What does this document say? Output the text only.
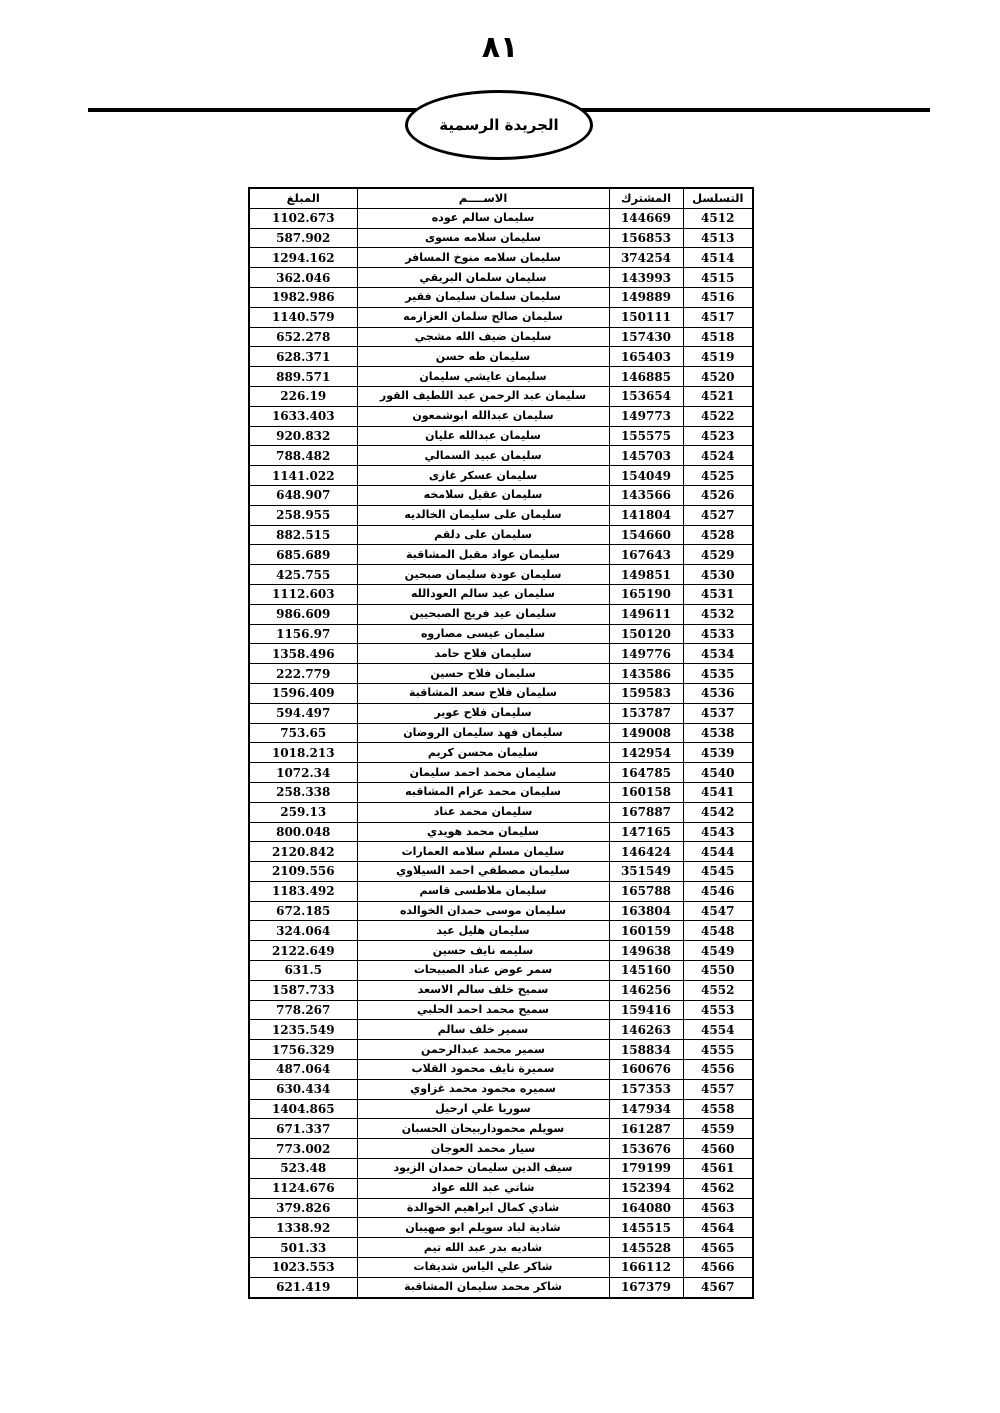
٨١
الجريدة الرسمية
التسلسل	المشترك	الاســــم	المبلغ
4512	144669	سليمان سالم عوده	1102.673
4513	156853	سليمان سلامه مسوى	587.902
4514	374254	سليمان سلامه منوخ المسافر	1294.162
4515	143993	سليمان سلمان البريقي	362.046
4516	149889	سليمان سلمان سليمان فقير	1982.986
4517	150111	سليمان صالح سلمان العزازمه	1140.579
4518	157430	سليمان ضيف الله مشجي	652.278
4519	165403	سليمان طه حسن	628.371
4520	146885	سليمان عايشي سليمان	889.571
4521	153654	سليمان عبد الرحمن عبد اللطيف القور	226.19
4522	149773	سليمان عبدالله ابوشمعون	1633.403
4523	155575	سليمان عبدالله عليان	920.832
4524	145703	سليمان عبيد السمالي	788.482
4525	154049	سليمان عسكر غازى	1141.022
4526	143566	سليمان عقيل سلامخه	648.907
4527	141804	سليمان على سليمان الخالديه	258.955
4528	154660	سليمان على دلقم	882.515
4529	167643	سليمان عواد مقبل المشاقبة	685.689
4530	149851	سليمان عودة سليمان صبحين	425.755
4531	165190	سليمان عيد سالم العودالله	1112.603
4532	149611	سليمان عيد فريج الصبحيين	986.609
4533	150120	سليمان عيسى مصاروه	1156.97
4534	149776	سليمان فلاح حامد	1358.496
4535	143586	سليمان فلاح حسين	222.779
4536	159583	سليمان فلاح سعد المشاقبة	1596.409
4537	153787	سليمان فلاح عوير	594.497
4538	149008	سليمان فهد سليمان الروضان	753.65
4539	142954	سليمان محسن كريم	1018.213
4540	164785	سليمان محمد احمد سليمان	1072.34
4541	160158	سليمان محمد عزام المشاقبه	258.338
4542	167887	سليمان محمد عناد	259.13
4543	147165	سليمان محمد هويدي	800.048
4544	146424	سليمان مسلم سلامه العمارات	2120.842
4545	351549	سليمان مصطفي احمد السيلاوي	2109.556
4546	165788	سليمان ملاطسى قاسم	1183.492
4547	163804	سليمان موسى حمدان الخوالده	672.185
4548	160159	سليمان هليل عيد	324.064
4549	149638	سليمه نايف حسين	2122.649
4550	145160	سمر عوض عناد الصبيحات	631.5
4552	146256	سميح خلف سالم الاسعد	1587.733
4553	159416	سميح محمد احمد الحلبي	778.267
4554	146263	سمير خلف سالم	1235.549
4555	158834	سمير محمد عبدالرحمن	1756.329
4556	160676	سميرة نايف محمود القلاب	487.064
4557	157353	سميره محمود محمد غزاوي	630.434
4558	147934	سوريا علي ارحيل	1404.865
4559	161287	سويلم محموداربيحان الحسبان	671.337
4560	153676	سيار محمد العوجان	773.002
4561	179199	سيف الدين سليمان حمدان الزيود	523.48
4562	152394	شاتي عبد الله عواد	1124.676
4563	164080	شادي كمال ابراهيم الخوالدة	379.826
4564	145515	شادية لباد سويلم ابو صهيبان	1338.92
4565	145528	شاديه بدر عبد الله تيم	501.33
4566	166112	شاكر علي الياس شديفات	1023.553
4567	167379	شاكر محمد سليمان المشاقبة	621.419
